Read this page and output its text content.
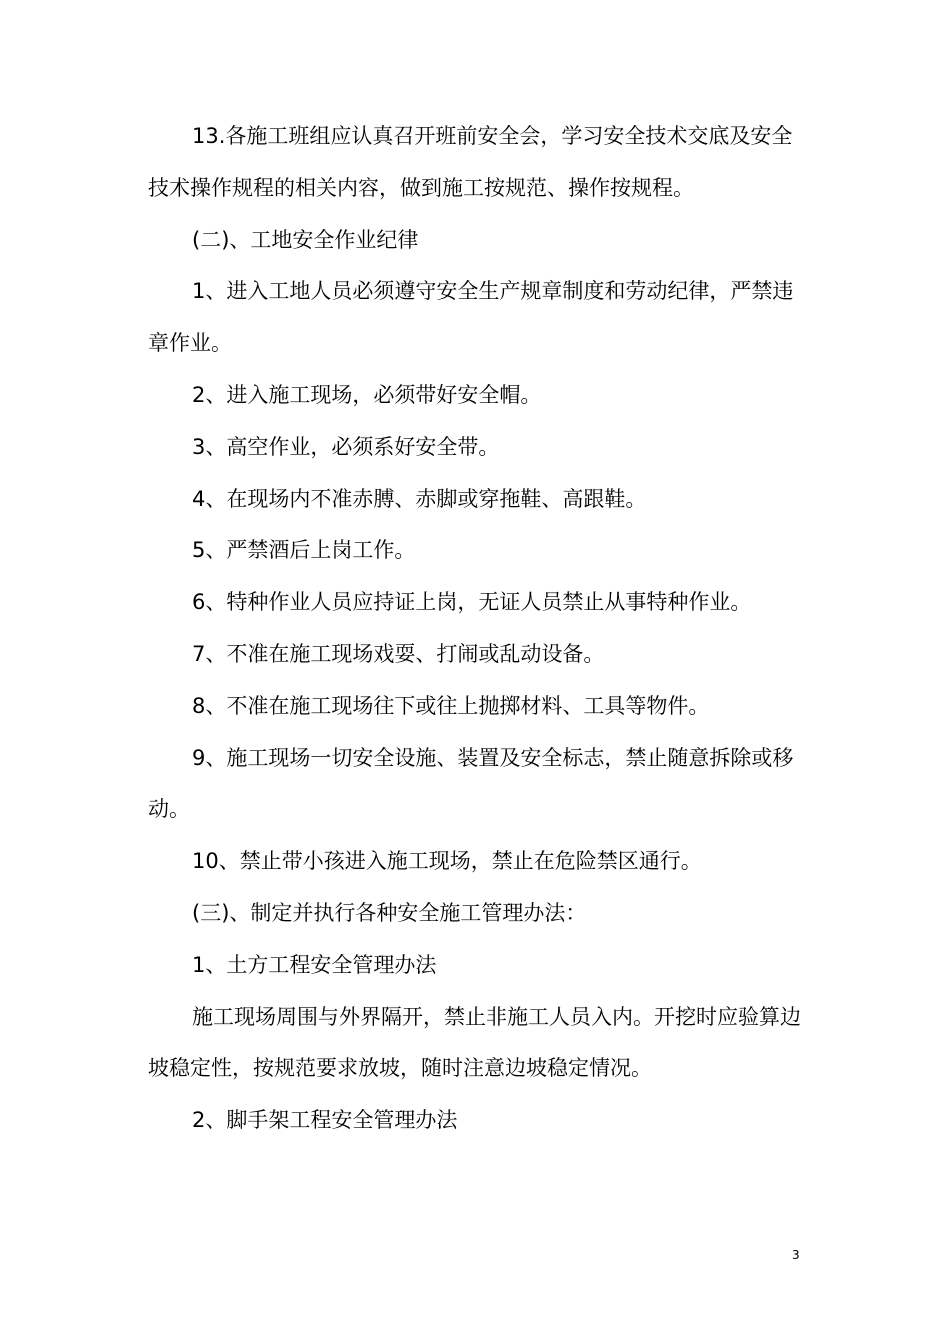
13.各施工班组应认真召开班前安全会，学习安全技术交底及安全技术操作规程的相关内容，做到施工按规范、操作按规程。

(二)、工地安全作业纪律

1、进入工地人员必须遵守安全生产规章制度和劳动纪律，严禁违章作业。

2、进入施工现场，必须带好安全帽。

3、高空作业，必须系好安全带。

4、在现场内不准赤膊、赤脚或穿拖鞋、高跟鞋。

5、严禁酒后上岗工作。

6、特种作业人员应持证上岗，无证人员禁止从事特种作业。

7、不准在施工现场戏耍、打闹或乱动设备。

8、不准在施工现场往下或往上抛掷材料、工具等物件。

9、施工现场一切安全设施、装置及安全标志，禁止随意拆除或移动。

10、禁止带小孩进入施工现场，禁止在危险禁区通行。

(三)、制定并执行各种安全施工管理办法：

1、土方工程安全管理办法

施工现场周围与外界隔开，禁止非施工人员入内。开挖时应验算边坡稳定性，按规范要求放坡，随时注意边坡稳定情况。

2、脚手架工程安全管理办法

3
